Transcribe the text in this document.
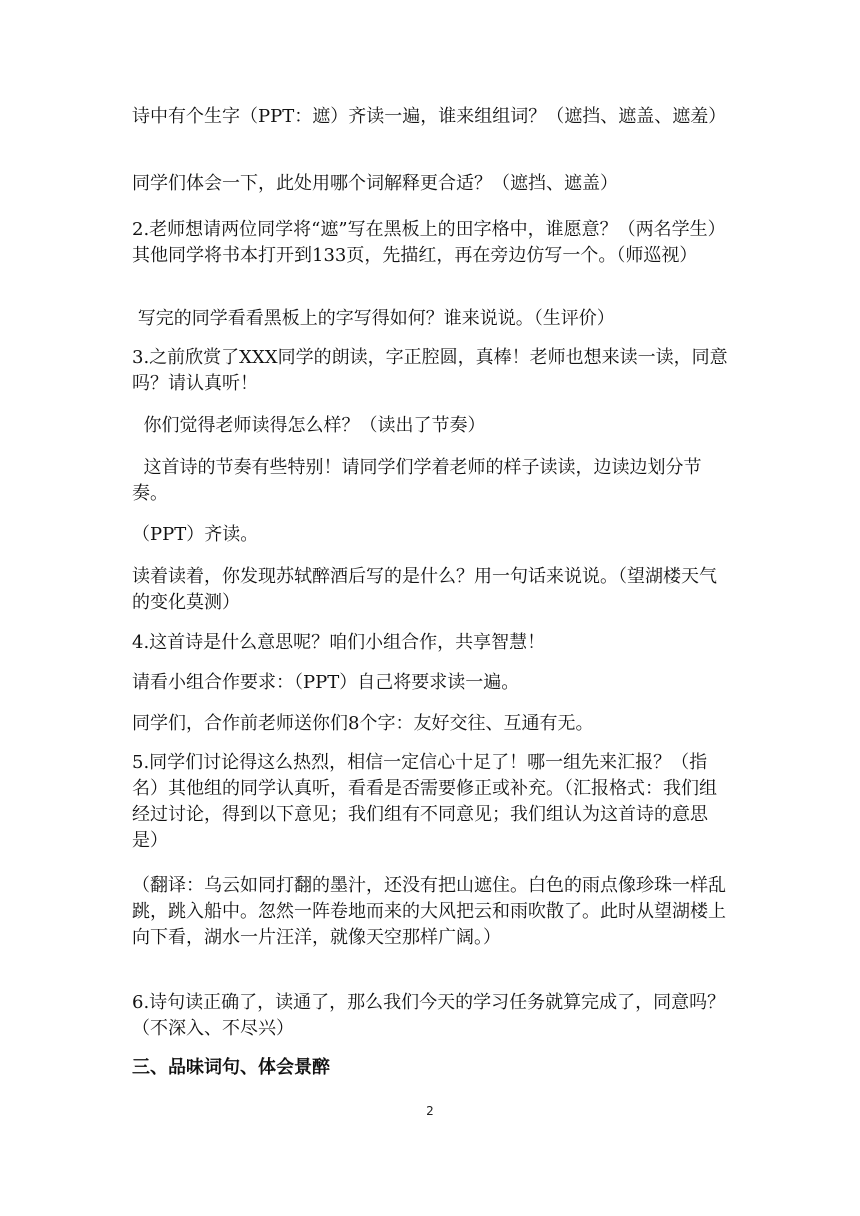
诗中有个生字（PPT：遮）齐读一遍，谁来组组词？（遮挡、遮盖、遮羞）

同学们体会一下，此处用哪个词解释更合适？（遮挡、遮盖）

2.老师想请两位同学将“遮”写在黑板上的田字格中，谁愿意？（两名学生）其他同学将书本打开到133页，先描红，再在旁边仿写一个。（师巡视）

写完的同学看看黑板上的字写得如何？谁来说说。（生评价）

3.之前欣赏了XXX同学的朗读，字正腔圆，真棒！老师也想来读一读，同意吗？请认真听！

你们觉得老师读得怎么样？（读出了节奏）

这首诗的节奏有些特别！请同学们学着老师的样子读读，边读边划分节奏。

（PPT）齐读。

读着读着，你发现苏轼醉酒后写的是什么？用一句话来说说。（望湖楼天气的变化莫测）

4.这首诗是什么意思呢？咱们小组合作，共享智慧！

请看小组合作要求：（PPT）自己将要求读一遍。

同学们，合作前老师送你们8个字：友好交往、互通有无。

5.同学们讨论得这么热烈，相信一定信心十足了！哪一组先来汇报？（指名）其他组的同学认真听，看看是否需要修正或补充。（汇报格式：我们组经过讨论，得到以下意见；我们组有不同意见；我们组认为这首诗的意思是）

（翻译：乌云如同打翻的墨汁，还没有把山遮住。白色的雨点像珍珠一样乱跳，跳入船中。忽然一阵卷地而来的大风把云和雨吹散了。此时从望湖楼上向下看，湖水一片汪洋，就像天空那样广阔。）

6.诗句读正确了，读通了，那么我们今天的学习任务就算完成了，同意吗？（不深入、不尽兴）

三、品味词句、体会景醉

2
